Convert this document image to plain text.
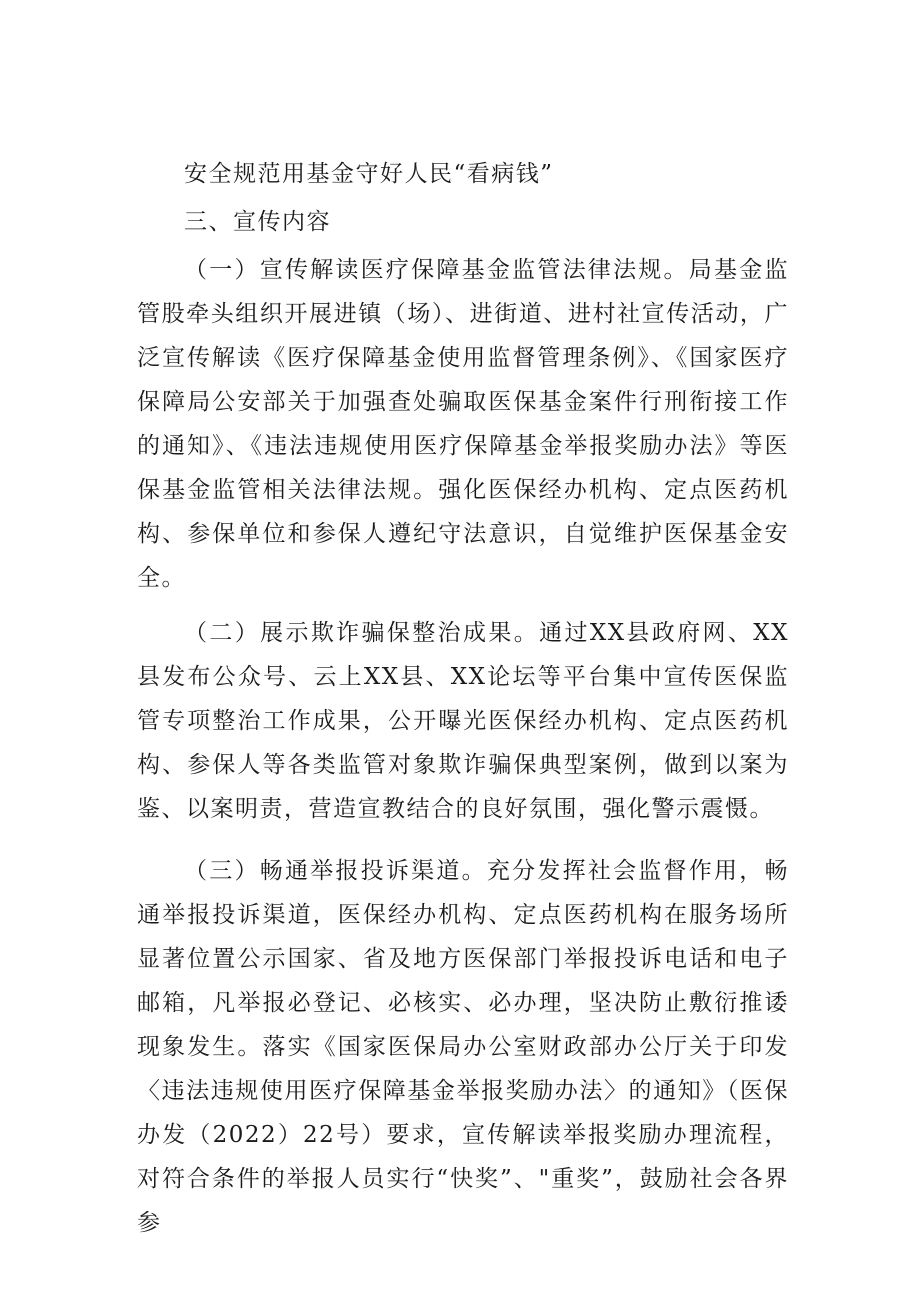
安全规范用基金守好人民“看病钱”

三、宣传内容

（一）宣传解读医疗保障基金监管法律法规。局基金监管股牵头组织开展进镇（场）、进街道、进村社宣传活动，广泛宣传解读《医疗保障基金使用监督管理条例》、《国家医疗保障局公安部关于加强查处骗取医保基金案件行刑衔接工作的通知》、《违法违规使用医疗保障基金举报奖励办法》等医保基金监管相关法律法规。强化医保经办机构、定点医药机构、参保单位和参保人遵纪守法意识，自觉维护医保基金安全。

（二）展示欺诈骗保整治成果。通过XX县政府网、XX县发布公众号、云上XX县、XX论坛等平台集中宣传医保监管专项整治工作成果，公开曝光医保经办机构、定点医药机构、参保人等各类监管对象欺诈骗保典型案例，做到以案为鉴、以案明责，营造宣教结合的良好氛围，强化警示震慑。

（三）畅通举报投诉渠道。充分发挥社会监督作用，畅通举报投诉渠道，医保经办机构、定点医药机构在服务场所显著位置公示国家、省及地方医保部门举报投诉电话和电子邮箱，凡举报必登记、必核实、必办理，坚决防止敷衍推诿现象发生。落实《国家医保局办公室财政部办公厅关于印发〈违法违规使用医疗保障基金举报奖励办法〉的通知》（医保办发（2022）22号）要求，宣传解读举报奖励办理流程，对符合条件的举报人员实行“快奖”、"重奖”，鼓励社会各界参
